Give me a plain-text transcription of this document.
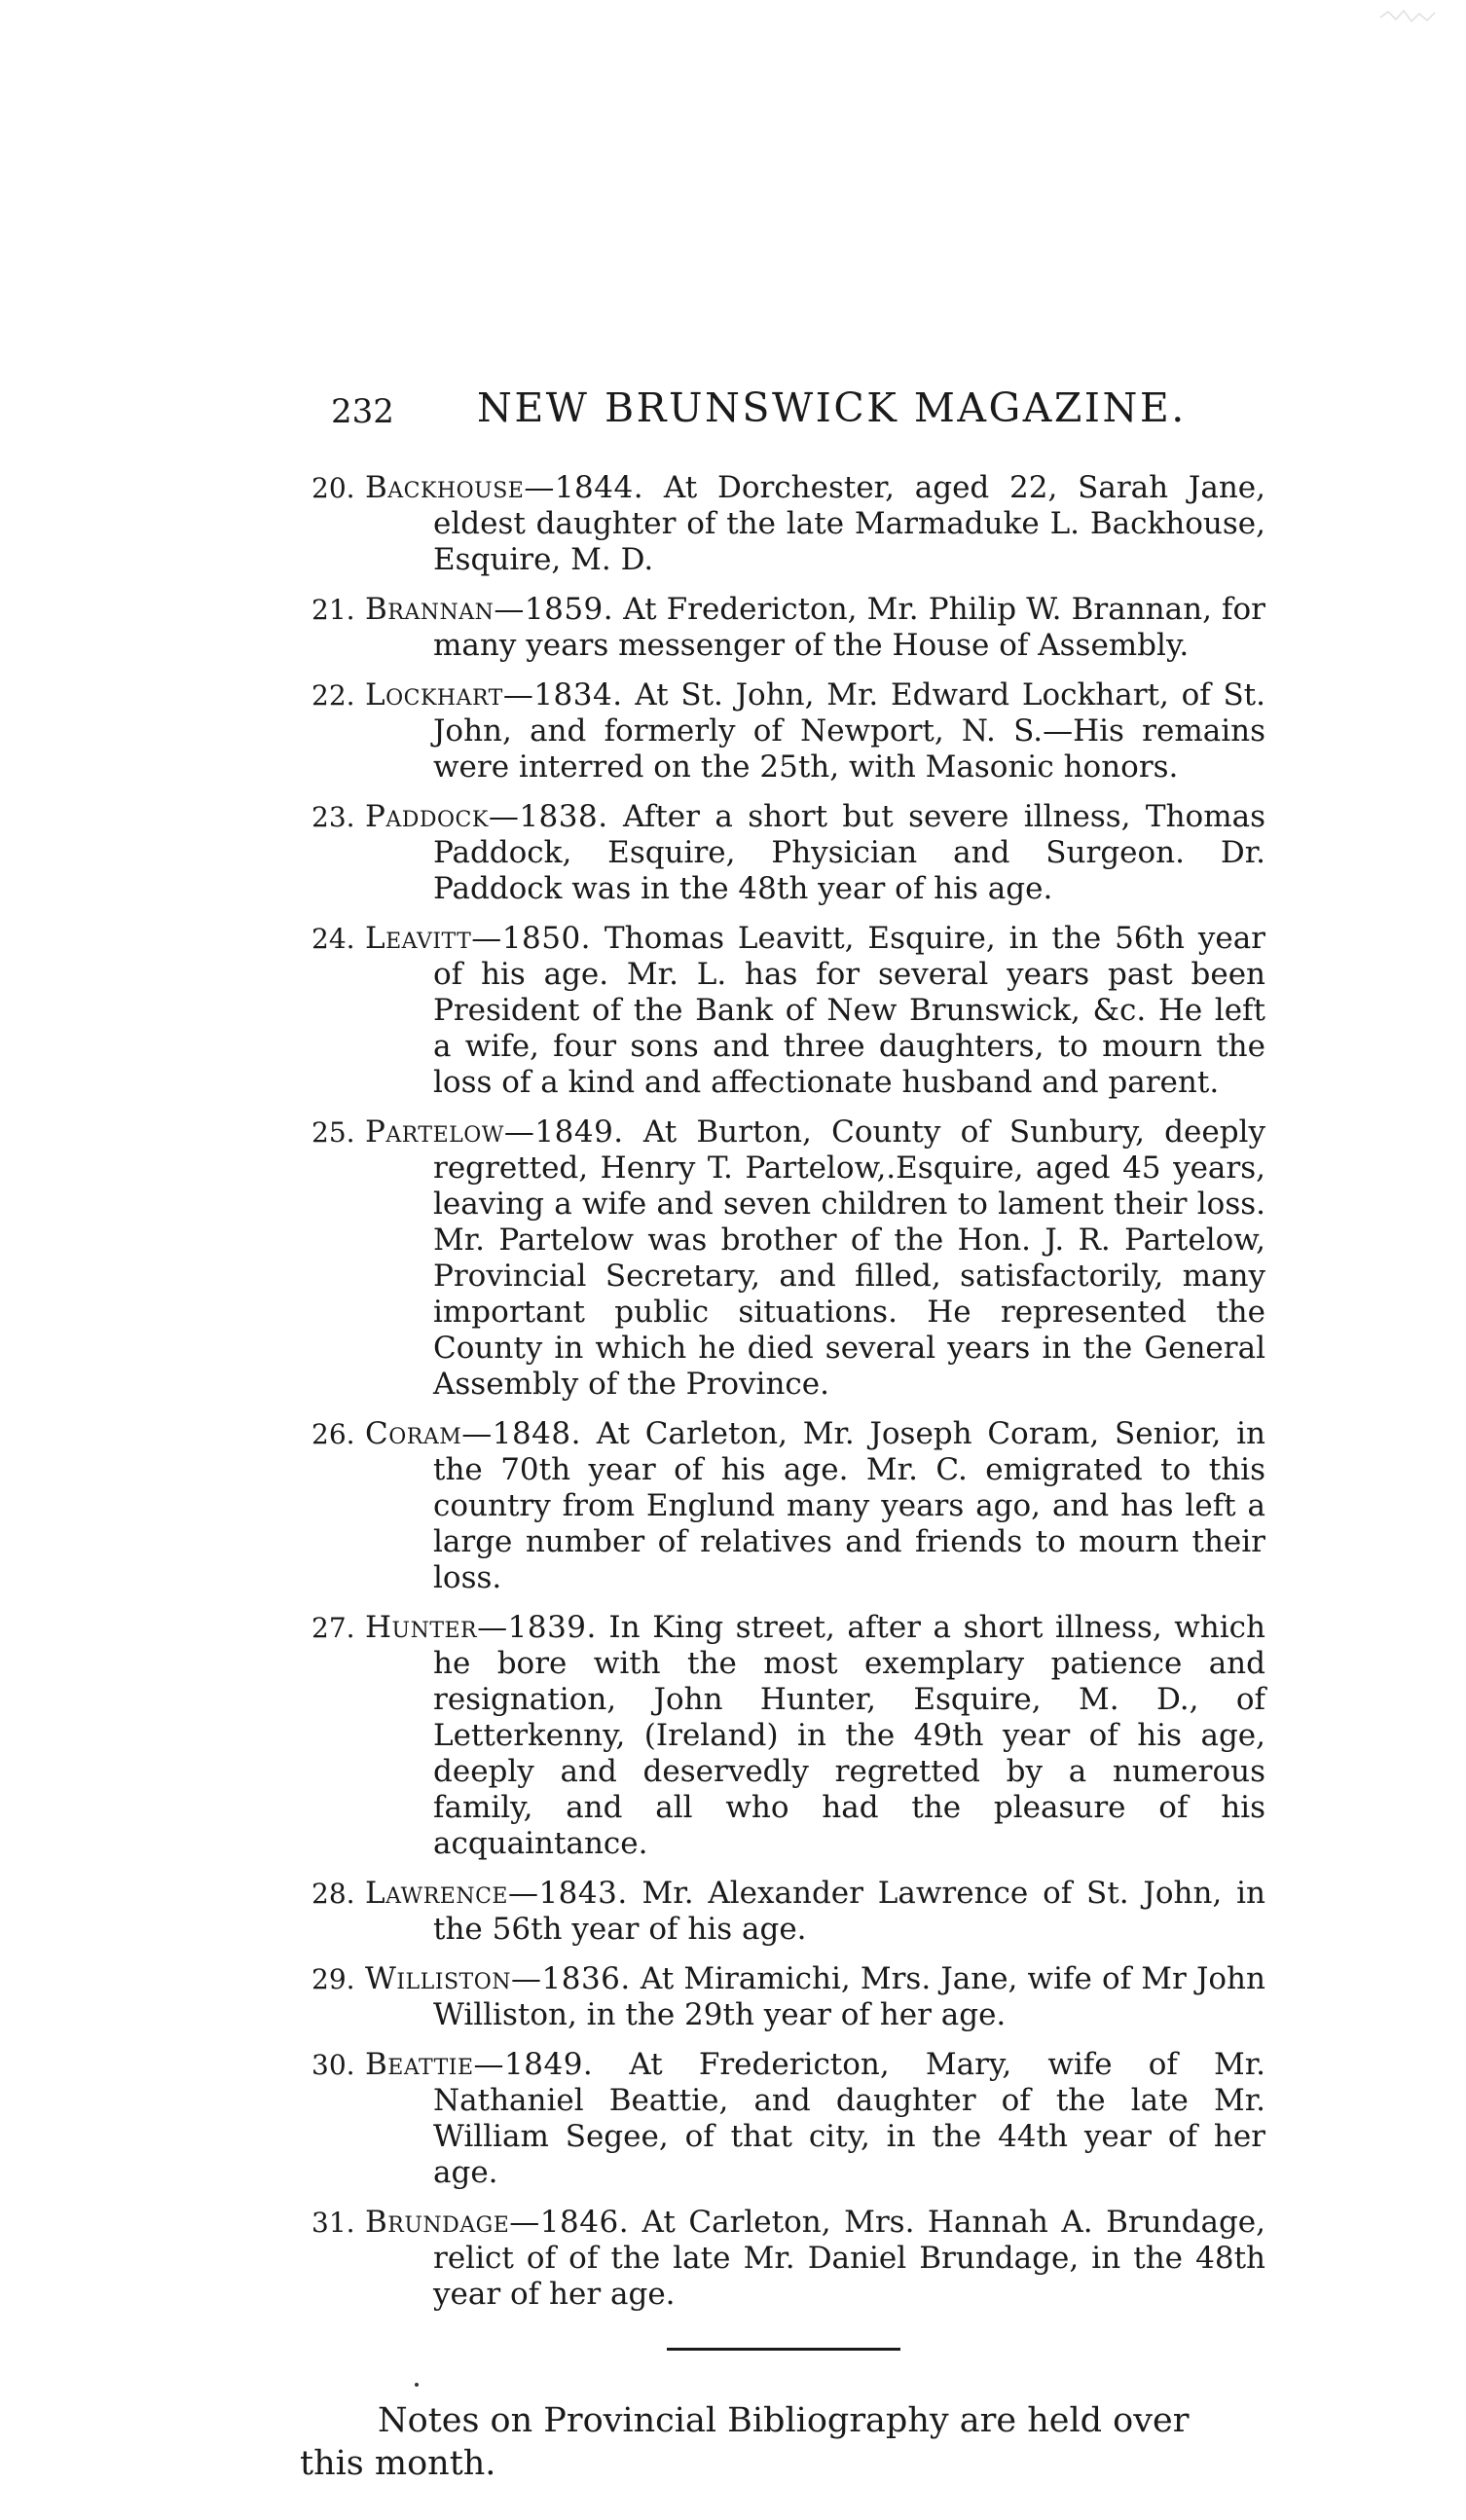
232 NEW BRUNSWICK MAGAZINE.
20. Backhouse—1844. At Dorchester, aged 22, Sarah Jane, eldest daughter of the late Marmaduke L. Backhouse, Esquire, M. D.
21. Brannan—1859. At Fredericton, Mr. Philip W. Brannan, for many years messenger of the House of Assembly.
22. Lockhart—1834. At St. John, Mr. Edward Lockhart, of St. John, and formerly of Newport, N. S.—His remains were interred on the 25th, with Masonic honors.
23. Paddock—1838. After a short but severe illness, Thomas Paddock, Esquire, Physician and Surgeon. Dr. Paddock was in the 48th year of his age.
24. Leavitt—1850. Thomas Leavitt, Esquire, in the 56th year of his age. Mr. L. has for several years past been President of the Bank of New Brunswick, &c. He left a wife, four sons and three daughters, to mourn the loss of a kind and affectionate husband and parent.
25. Partelow—1849. At Burton, County of Sunbury, deeply regretted, Henry T. Partelow,.Esquire, aged 45 years, leaving a wife and seven children to lament their loss. Mr. Partelow was brother of the Hon. J. R. Partelow, Provincial Secretary, and filled, satisfactorily, many important public situations. He represented the County in which he died several years in the General Assembly of the Province.
26. Coram—1848. At Carleton, Mr. Joseph Coram, Senior, in the 70th year of his age. Mr. C. emigrated to this country from Englund many years ago, and has left a large number of relatives and friends to mourn their loss.
27. Hunter—1839. In King street, after a short illness, which he bore with the most exemplary patience and resignation, John Hunter, Esquire, M. D., of Letterkenny, (Ireland) in the 49th year of his age, deeply and deservedly regretted by a numerous family, and all who had the pleasure of his acquaintance.
28. Lawrence—1843. Mr. Alexander Lawrence of St. John, in the 56th year of his age.
29. Williston—1836. At Miramichi, Mrs. Jane, wife of Mr John Williston, in the 29th year of her age.
30. Beattie—1849. At Fredericton, Mary, wife of Mr. Nathaniel Beattie, and daughter of the late Mr. William Segee, of that city, in the 44th year of her age.
31. Brundage—1846. At Carleton, Mrs. Hannah A. Brundage, relict of of the late Mr. Daniel Brundage, in the 48th year of her age.

Notes on Provincial Bibliography are held over this month.
